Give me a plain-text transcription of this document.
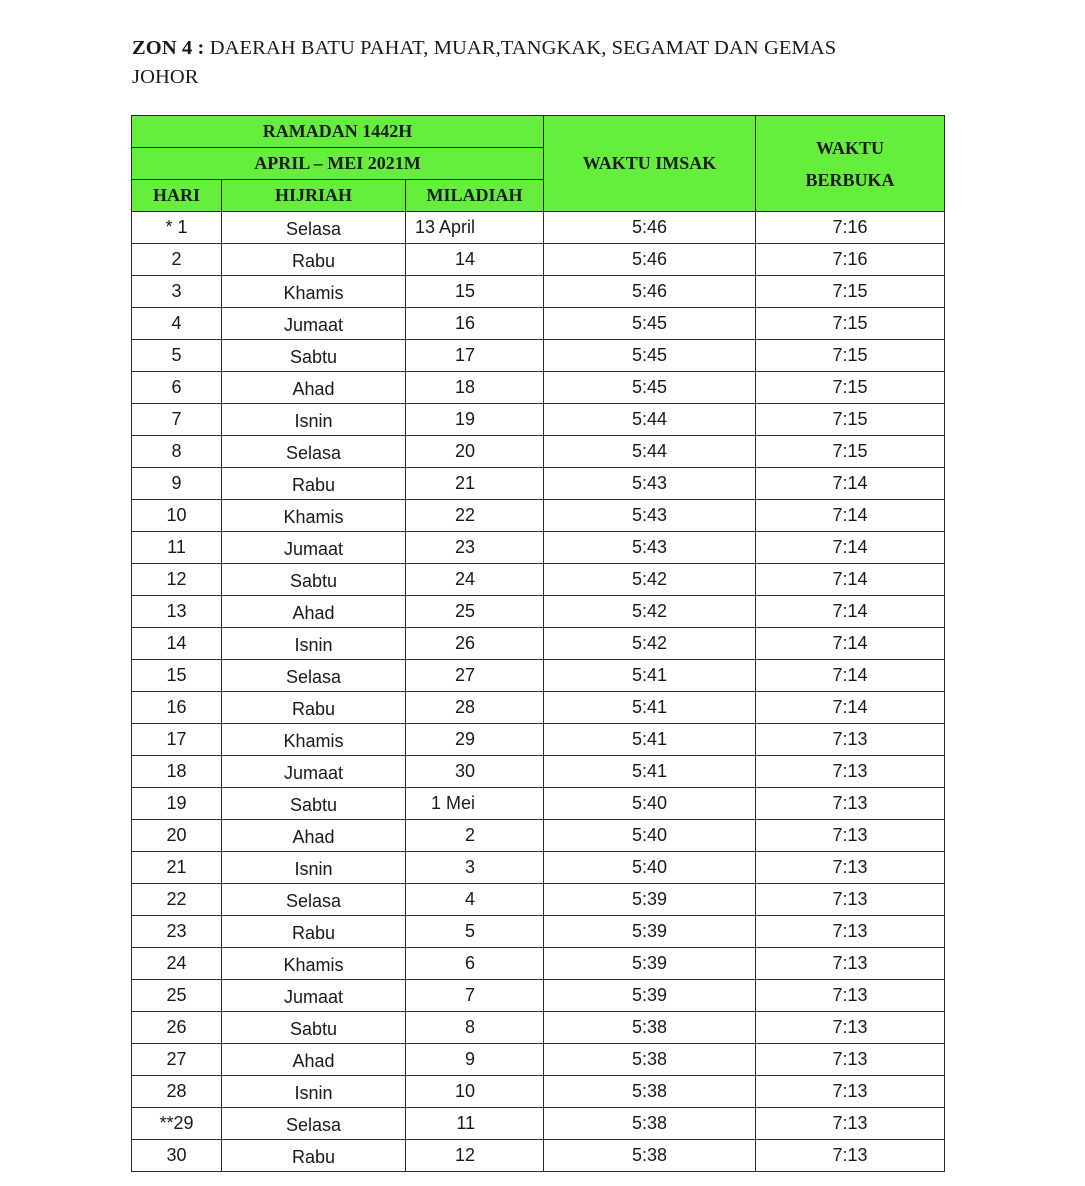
ZON 4 : DAERAH BATU PAHAT, MUAR,TANGKAK, SEGAMAT DAN GEMAS
JOHOR
RAMADAN 1442H			WAKTU IMSAK	WAKTU
BERBUKA
APRIL – MEI 2021M				
HARI	HIJRIAH	MILADIAH		
* 1	Selasa	13 April	5:46	7:16
2	Rabu	14	5:46	7:16
3	Khamis	15	5:46	7:15
4	Jumaat	16	5:45	7:15
5	Sabtu	17	5:45	7:15
6	Ahad	18	5:45	7:15
7	Isnin	19	5:44	7:15
8	Selasa	20	5:44	7:15
9	Rabu	21	5:43	7:14
10	Khamis	22	5:43	7:14
11	Jumaat	23	5:43	7:14
12	Sabtu	24	5:42	7:14
13	Ahad	25	5:42	7:14
14	Isnin	26	5:42	7:14
15	Selasa	27	5:41	7:14
16	Rabu	28	5:41	7:14
17	Khamis	29	5:41	7:13
18	Jumaat	30	5:41	7:13
19	Sabtu	1 Mei	5:40	7:13
20	Ahad	2	5:40	7:13
21	Isnin	3	5:40	7:13
22	Selasa	4	5:39	7:13
23	Rabu	5	5:39	7:13
24	Khamis	6	5:39	7:13
25	Jumaat	7	5:39	7:13
26	Sabtu	8	5:38	7:13
27	Ahad	9	5:38	7:13
28	Isnin	10	5:38	7:13
**29	Selasa	11	5:38	7:13
30	Rabu	12	5:38	7:13
